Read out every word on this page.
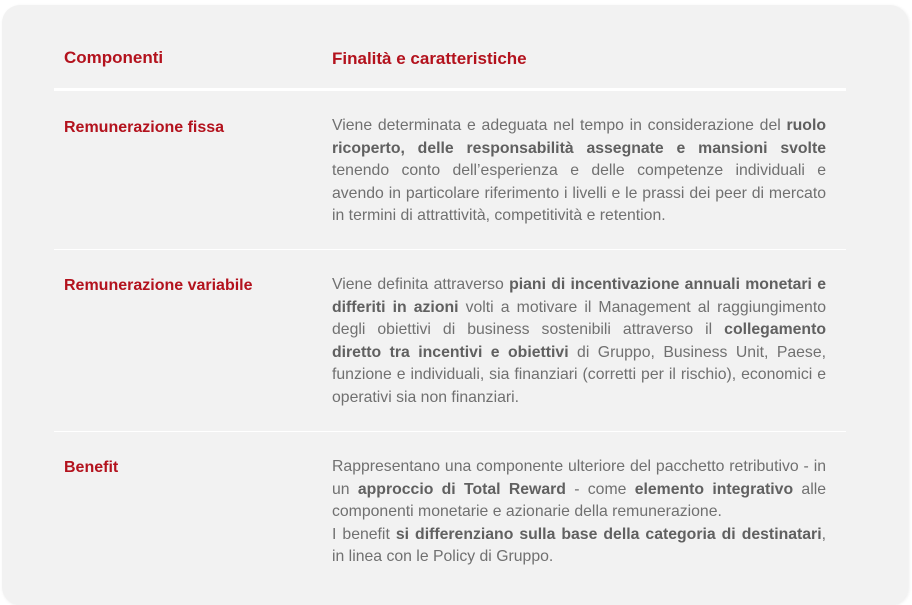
Componenti	Finalità e caratteristiche
Remunerazione fissa	Viene determinata e adeguata nel tempo in considerazione del ruolo ricoperto, delle responsabilità assegnate e mansioni svolte tenendo conto dell’esperienza e delle competenze individuali e avendo in particolare riferimento i livelli e le prassi dei peer di mercato in termini di attrattività, competitività e retention.
Remunerazione variabile	Viene definita attraverso piani di incentivazione annuali monetari e differiti in azioni volti a motivare il Management al raggiungimento degli obiettivi di business sostenibili attraverso il collegamento diretto tra incentivi e obiettivi di Gruppo, Business Unit, Paese, funzione e individuali, sia finanziari (corretti per il rischio), economici e operativi sia non finanziari.
Benefit	Rappresentano una componente ulteriore del pacchetto retributivo - in un approccio di Total Reward - come elemento integrativo alle componenti monetarie e azionarie della remunerazione.
I benefit si differenziano sulla base della categoria di destinatari, in linea con le Policy di Gruppo.
